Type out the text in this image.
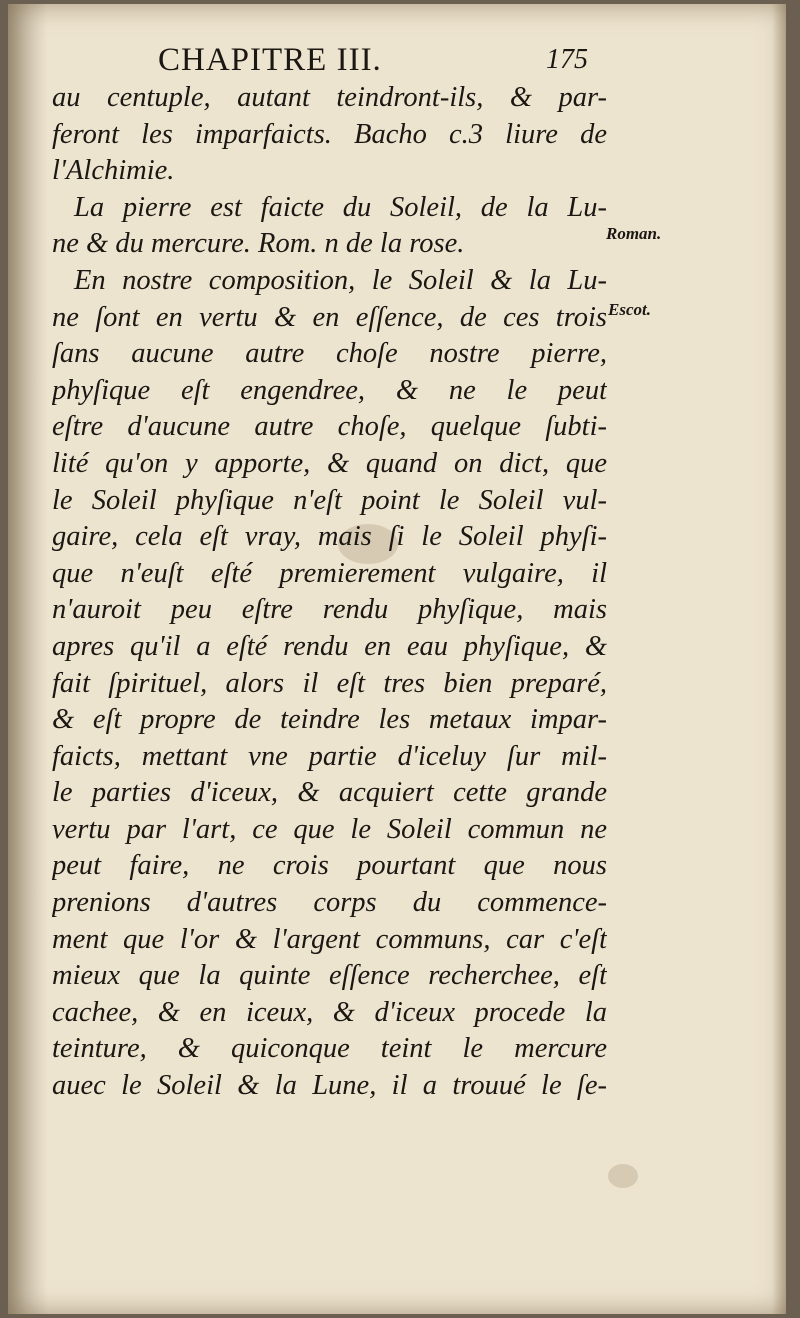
CHAPITRE III.	175
Roman.
Escot.
au centuple, autant teindront-ils, & par-
feront les imparfaicts. Bacho c.3 liure de
l'Alchimie.
La pierre est faicte du Soleil, de la Lu-
ne & du mercure. Rom. n de la rose.
En nostre composition, le Soleil & la Lu-
ne ſont en vertu & en eſſence, de ces trois
ſans aucune autre choſe nostre pierre,
phyſique eſt engendree, & ne le peut
eſtre d'aucune autre choſe, quelque ſubti-
lité qu'on y apporte, & quand on dict, que
le Soleil phyſique n'eſt point le Soleil vul-
gaire, cela eſt vray, mais ſi le Soleil phyſi-
que n'euſt eſté premierement vulgaire, il
n'auroit peu eſtre rendu phyſique, mais
apres qu'il a eſté rendu en eau phyſique, &
fait ſpirituel, alors il eſt tres bien preparé,
& eſt propre de teindre les metaux impar-
faicts, mettant vne partie d'iceluy ſur mil-
le parties d'iceux, & acquiert cette grande
vertu par l'art, ce que le Soleil commun ne
peut faire, ne crois pourtant que nous
prenions d'autres corps du commence-
ment que l'or & l'argent communs, car c'eſt
mieux que la quinte eſſence recherchee, eſt
cachee, & en iceux, & d'iceux procede la
teinture, & quiconque teint le mercure
auec le Soleil & la Lune, il a trouué le ſe-
